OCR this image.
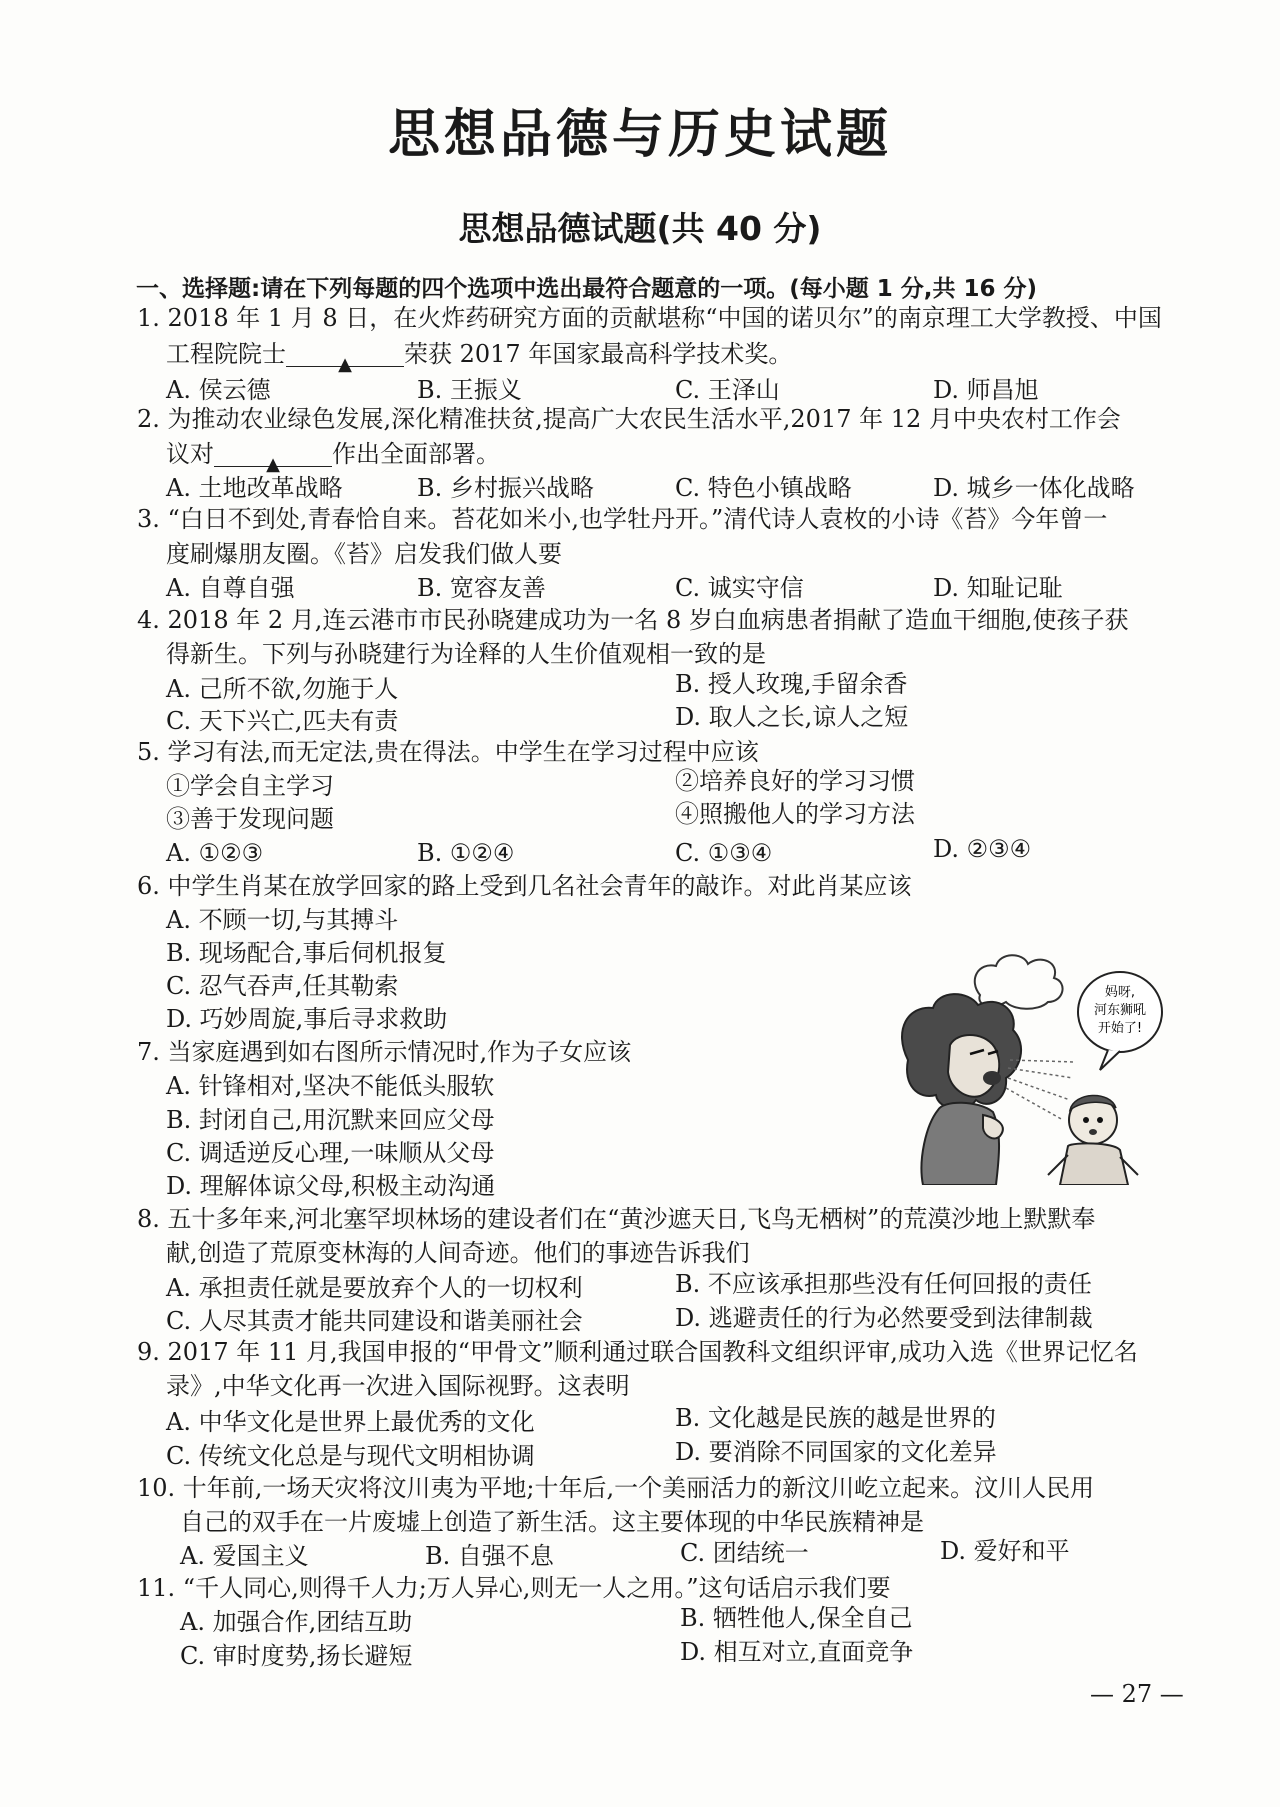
思想品德与历史试题
思想品德试题(共 40 分)
一、选择题:请在下列每题的四个选项中选出最符合题意的一项。(每小题 1 分,共 16 分)
1. 2018 年 1 月 8 日，在火炸药研究方面的贡献堪称“中国的诺贝尔”的南京理工大学教授、中国
工程院院士	$_▲$ 荣获 2017 年国家最高科学技术奖。
A. 侯云德	B. 王振义	C. 王泽山	D. 师昌旭
2. 为推动农业绿色发展,深化精准扶贫,提高广大农民生活水平,2017 年 12 月中央农村工作会
议对	$_▲$ 作出全面部署。
A. 土地改革战略	B. 乡村振兴战略	C. 特色小镇战略	D. 城乡一体化战略
3. “白日不到处,青春恰自来。苔花如米小,也学牡丹开。”清代诗人袁枚的小诗《苔》今年曾一
度刷爆朋友圈。《苔》启发我们做人要
A. 自尊自强	B. 宽容友善	C. 诚实守信	D. 知耻记耻
4. 2018 年 2 月,连云港市市民孙晓建成功为一名 8 岁白血病患者捐献了造血干细胞,使孩子获
得新生。下列与孙晓建行为诠释的人生价值观相一致的是
A. 己所不欲,勿施于人	B. 授人玫瑰,手留余香
C. 天下兴亡,匹夫有责	D. 取人之长,谅人之短
5. 学习有法,而无定法,贵在得法。中学生在学习过程中应该
①学会自主学习	②培养良好的学习习惯
③善于发现问题	④照搬他人的学习方法
A. ①②③	B. ①②④	C. ①③④	D. ②③④
6. 中学生肖某在放学回家的路上受到几名社会青年的敲诈。对此肖某应该
A. 不顾一切,与其搏斗
B. 现场配合,事后伺机报复
C. 忍气吞声,任其勒索
D. 巧妙周旋,事后寻求救助
7. 当家庭遇到如右图所示情况时,作为子女应该
A. 针锋相对,坚决不能低头服软
B. 封闭自己,用沉默来回应父母
C. 调适逆反心理,一味顺从父母
D. 理解体谅父母,积极主动沟通
妈呀,
河东狮吼
开始了!
8. 五十多年来,河北塞罕坝林场的建设者们在“黄沙遮天日,飞鸟无栖树”的荒漠沙地上默默奉
献,创造了荒原变林海的人间奇迹。他们的事迹告诉我们
A. 承担责任就是要放弃个人的一切权利	B. 不应该承担那些没有任何回报的责任
C. 人尽其责才能共同建设和谐美丽社会	D. 逃避责任的行为必然要受到法律制裁
9. 2017 年 11 月,我国申报的“甲骨文”顺利通过联合国教科文组织评审,成功入选《世界记忆名
录》,中华文化再一次进入国际视野。这表明
A. 中华文化是世界上最优秀的文化	B. 文化越是民族的越是世界的
C. 传统文化总是与现代文明相协调	D. 要消除不同国家的文化差异
10. 十年前,一场天灾将汶川夷为平地;十年后,一个美丽活力的新汶川屹立起来。汶川人民用
自己的双手在一片废墟上创造了新生活。这主要体现的中华民族精神是
A. 爱国主义	B. 自强不息	C. 团结统一	D. 爱好和平
11. “千人同心,则得千人力;万人异心,则无一人之用。”这句话启示我们要
A. 加强合作,团结互助	B. 牺牲他人,保全自己
C. 审时度势,扬长避短	D. 相互对立,直面竞争
— 27 —
